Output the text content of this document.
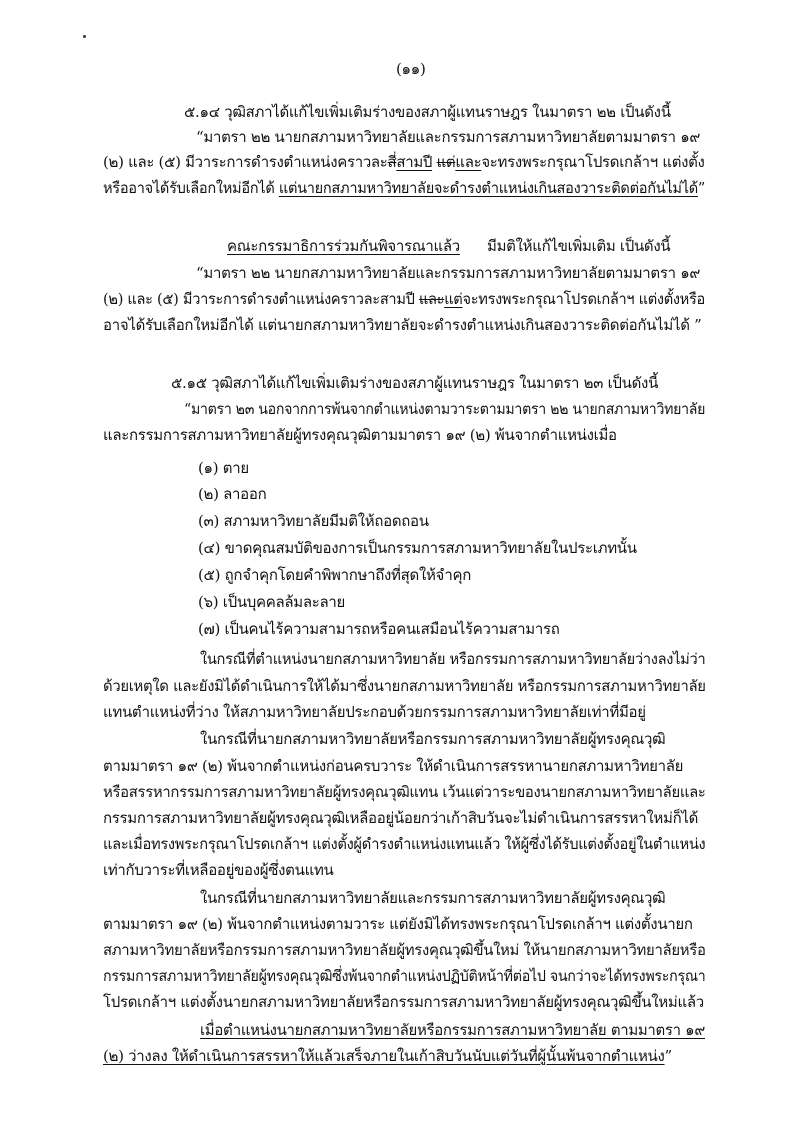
(๑๑)
๕.๑๔ วุฒิสภาได้แก้ไขเพิ่มเติมร่างของสภาผู้แทนราษฎร ในมาตรา ๒๒ เป็นดังนี้
“มาตรา ๒๒ นายกสภามหาวิทยาลัยและกรรมการสภามหาวิทยาลัยตามมาตรา ๑๙
(๒) และ (๕) มีวาระการดำรงตำแหน่งคราวละสี่สามปี แต่และจะทรงพระกรุณาโปรดเกล้าฯ แต่งตั้ง
หรืออาจได้รับเลือกใหม่อีกได้ แต่นายกสภามหาวิทยาลัยจะดำรงตำแหน่งเกินสองวาระติดต่อกันไม่ได้”
คณะกรรมาธิการร่วมกันพิจารณาแล้ว มีมติให้แก้ไขเพิ่มเติม เป็นดังนี้
“มาตรา ๒๒ นายกสภามหาวิทยาลัยและกรรมการสภามหาวิทยาลัยตามมาตรา ๑๙
(๒) และ (๕) มีวาระการดำรงตำแหน่งคราวละสามปี และแต่จะทรงพระกรุณาโปรดเกล้าฯ แต่งตั้งหรือ
อาจได้รับเลือกใหม่อีกได้ แต่นายกสภามหาวิทยาลัยจะดำรงตำแหน่งเกินสองวาระติดต่อกันไม่ได้ ”
๕.๑๕ วุฒิสภาได้แก้ไขเพิ่มเติมร่างของสภาผู้แทนราษฎร ในมาตรา ๒๓ เป็นดังนี้
“มาตรา ๒๓ นอกจากการพ้นจากตำแหน่งตามวาระตามมาตรา ๒๒ นายกสภามหาวิทยาลัย
และกรรมการสภามหาวิทยาลัยผู้ทรงคุณวุฒิตามมาตรา ๑๙ (๒) พ้นจากตำแหน่งเมื่อ
(๑) ตาย
(๒) ลาออก
(๓) สภามหาวิทยาลัยมีมติให้ถอดถอน
(๔) ขาดคุณสมบัติของการเป็นกรรมการสภามหาวิทยาลัยในประเภทนั้น
(๕) ถูกจำคุกโดยคำพิพากษาถึงที่สุดให้จำคุก
(๖) เป็นบุคคลล้มละลาย
(๗) เป็นคนไร้ความสามารถหรือคนเสมือนไร้ความสามารถ
ในกรณีที่ตำแหน่งนายกสภามหาวิทยาลัย หรือกรรมการสภามหาวิทยาลัยว่างลงไม่ว่า
ด้วยเหตุใด และยังมิได้ดำเนินการให้ได้มาซึ่งนายกสภามหาวิทยาลัย หรือกรรมการสภามหาวิทยาลัย
แทนตำแหน่งที่ว่าง ให้สภามหาวิทยาลัยประกอบด้วยกรรมการสภามหาวิทยาลัยเท่าที่มีอยู่
ในกรณีที่นายกสภามหาวิทยาลัยหรือกรรมการสภามหาวิทยาลัยผู้ทรงคุณวุฒิ
ตามมาตรา ๑๙ (๒) พ้นจากตำแหน่งก่อนครบวาระ ให้ดำเนินการสรรหานายกสภามหาวิทยาลัย
หรือสรรหากรรมการสภามหาวิทยาลัยผู้ทรงคุณวุฒิแทน เว้นแต่วาระของนายกสภามหาวิทยาลัยและ
กรรมการสภามหาวิทยาลัยผู้ทรงคุณวุฒิเหลืออยู่น้อยกว่าเก้าสิบวันจะไม่ดำเนินการสรรหาใหม่ก็ได้
และเมื่อทรงพระกรุณาโปรดเกล้าฯ แต่งตั้งผู้ดำรงตำแหน่งแทนแล้ว ให้ผู้ซึ่งได้รับแต่งตั้งอยู่ในตำแหน่ง
เท่ากับวาระที่เหลืออยู่ของผู้ซึ่งตนแทน
ในกรณีที่นายกสภามหาวิทยาลัยและกรรมการสภามหาวิทยาลัยผู้ทรงคุณวุฒิ
ตามมาตรา ๑๙ (๒) พ้นจากตำแหน่งตามวาระ แต่ยังมิได้ทรงพระกรุณาโปรดเกล้าฯ แต่งตั้งนายก
สภามหาวิทยาลัยหรือกรรมการสภามหาวิทยาลัยผู้ทรงคุณวุฒิขึ้นใหม่ ให้นายกสภามหาวิทยาลัยหรือ
กรรมการสภามหาวิทยาลัยผู้ทรงคุณวุฒิซึ่งพ้นจากตำแหน่งปฏิบัติหน้าที่ต่อไป จนกว่าจะได้ทรงพระกรุณา
โปรดเกล้าฯ แต่งตั้งนายกสภามหาวิทยาลัยหรือกรรมการสภามหาวิทยาลัยผู้ทรงคุณวุฒิขึ้นใหม่แล้ว
เมื่อตำแหน่งนายกสภามหาวิทยาลัยหรือกรรมการสภามหาวิทยาลัย ตามมาตรา ๑๙
(๒) ว่างลง ให้ดำเนินการสรรหาให้แล้วเสร็จภายในเก้าสิบวันนับแต่วันที่ผู้นั้นพ้นจากตำแหน่ง”
